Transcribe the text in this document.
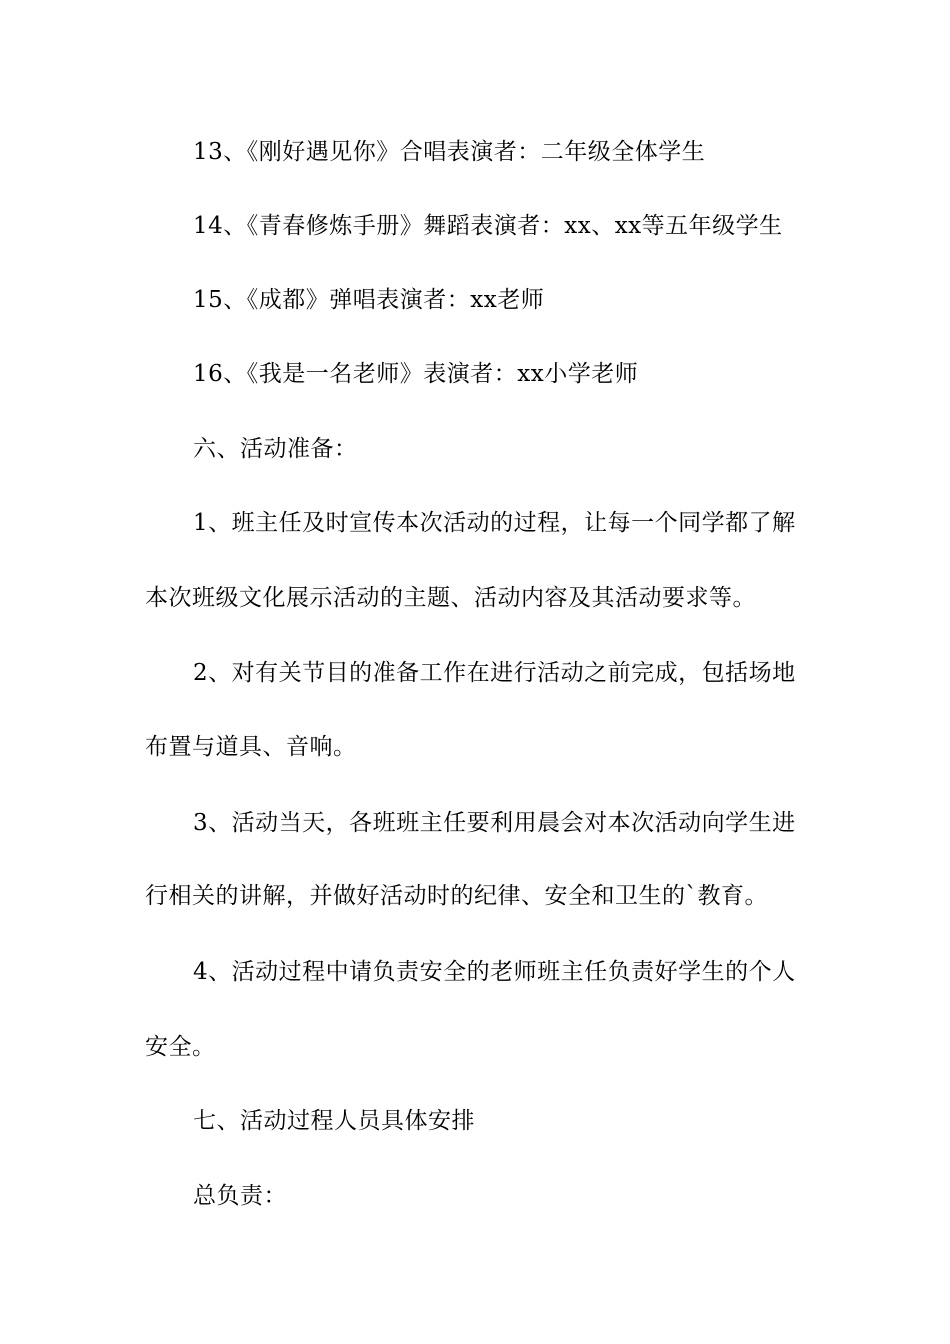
13、《刚好遇见你》合唱表演者：二年级全体学生
14、《青春修炼手册》舞蹈表演者：xx、xx等五年级学生
15、《成都》弹唱表演者：xx老师
16、《我是一名老师》表演者：xx小学老师
六、活动准备：
1、班主任及时宣传本次活动的过程，让每一个同学都了解
本次班级文化展示活动的主题、活动内容及其活动要求等。
2、对有关节目的准备工作在进行活动之前完成，包括场地
布置与道具、音响。
3、活动当天，各班班主任要利用晨会对本次活动向学生进
行相关的讲解，并做好活动时的纪律、安全和卫生的`教育。
4、活动过程中请负责安全的老师班主任负责好学生的个人
安全。
七、活动过程人员具体安排
总负责：
